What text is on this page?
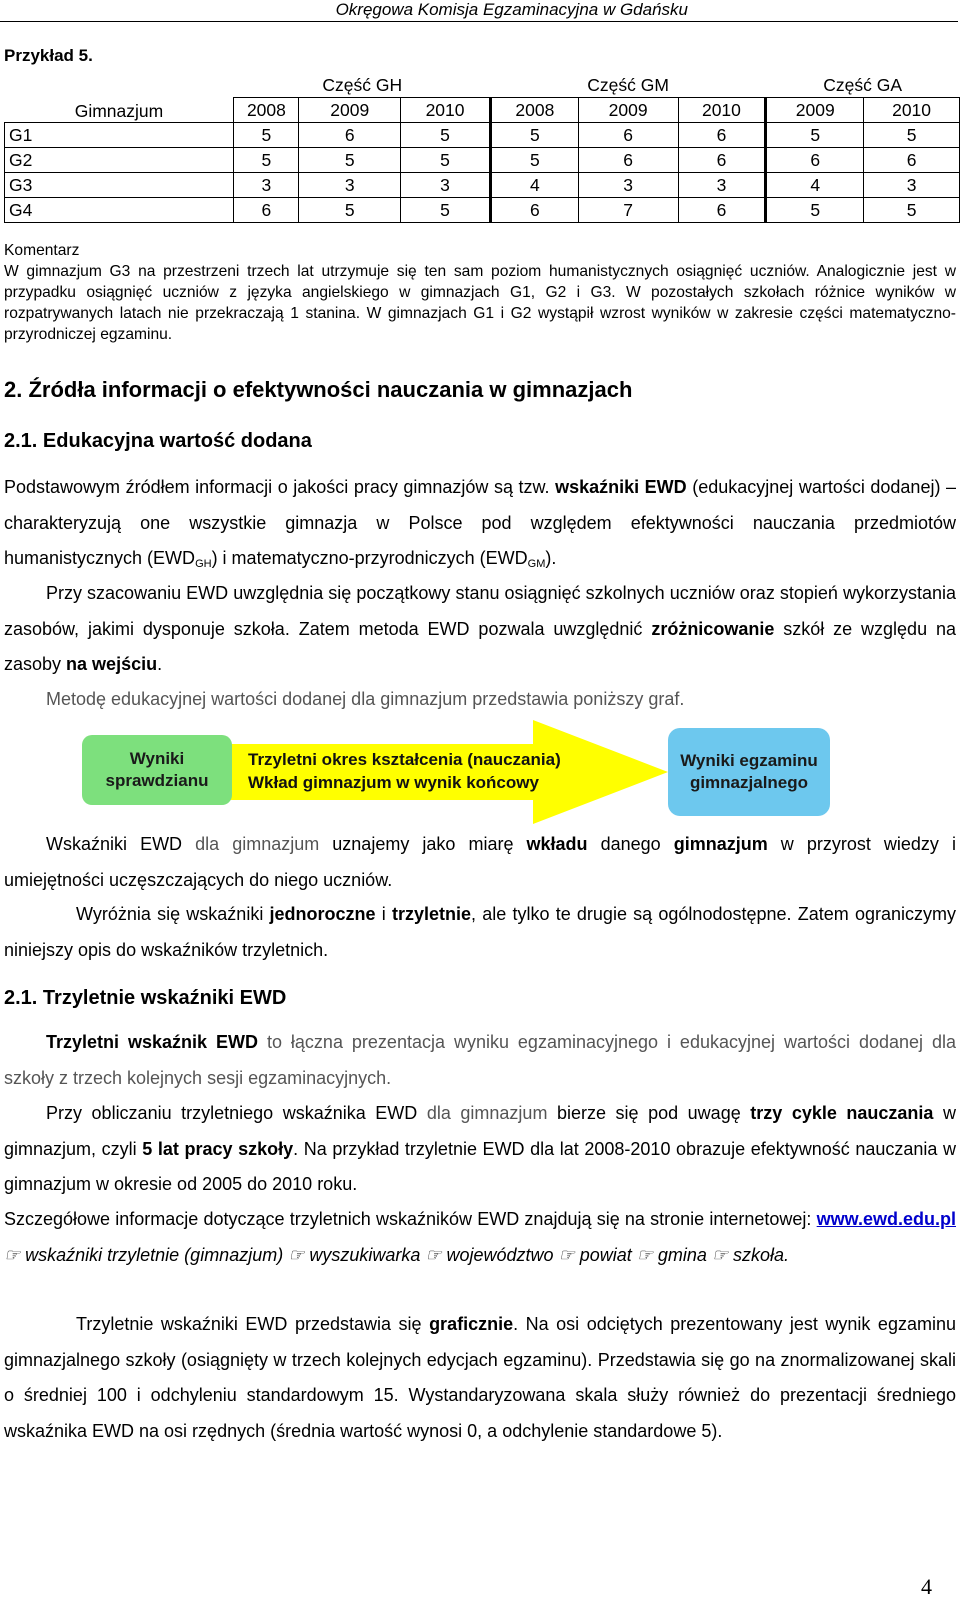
Okręgowa Komisja Egzaminacyjna w Gdańsku
Przykład 5.
Gimnazjum	Część GH			Część GM			Część GA	
	2008	2009	2010	2008	2009	2010	2009	2010
G1	5	6	5	5	6	6	5	5
G2	5	5	5	5	6	6	6	6
G3	3	3	3	4	3	3	4	3
G4	6	5	5	6	7	6	5	5
Komentarz
W gimnazjum G3 na przestrzeni trzech lat utrzymuje się ten sam poziom humanistycznych osiągnięć uczniów. Analogicznie jest w przypadku osiągnięć uczniów z języka angielskiego w gimnazjach G1, G2 i G3. W pozostałych szkołach różnice wyników w rozpatrywanych latach nie przekraczają 1 stanina. W gimnazjach G1 i G2 wystąpił wzrost wyników w zakresie części matematyczno-przyrodniczej egzaminu.
2. Źródła informacji o efektywności nauczania w gimnazjach
2.1. Edukacyjna wartość dodana
Podstawowym źródłem informacji o jakości pracy gimnazjów są tzw. wskaźniki EWD (edukacyjnej wartości dodanej) – charakteryzują one wszystkie gimnazja w Polsce pod względem efektywności nauczania przedmiotów humanistycznych $(EWD_{GH})$ i matematyczno-przyrodniczych $(EWD_{GM})$.
Przy szacowaniu EWD uwzględnia się początkowy stanu osiągnięć szkolnych uczniów oraz stopień wykorzystania zasobów, jakimi dysponuje szkoła. Zatem metoda EWD pozwala uwzględnić zróżnicowanie szkół ze względu na zasoby na wejściu.
Metodę edukacyjnej wartości dodanej dla gimnazjum przedstawia poniższy graf.
Wyniki sprawdzianu
Trzyletni okres kształcenia (nauczania)
Wkład gimnazjum w wynik końcowy
Wyniki egzaminu gimnazjalnego
Wskaźniki EWD dla gimnazjum uznajemy jako miarę wkładu danego gimnazjum w przyrost wiedzy i umiejętności uczęszczających do niego uczniów.
Wyróżnia się wskaźniki jednoroczne i trzyletnie, ale tylko te drugie są ogólnodostępne. Zatem ograniczymy niniejszy opis do wskaźników trzyletnich.
2.1. Trzyletnie wskaźniki EWD
Trzyletni wskaźnik EWD to łączna prezentacja wyniku egzaminacyjnego i edukacyjnej wartości dodanej dla szkoły z trzech kolejnych sesji egzaminacyjnych.
Przy obliczaniu trzyletniego wskaźnika EWD dla gimnazjum bierze się pod uwagę trzy cykle nauczania w gimnazjum, czyli 5 lat pracy szkoły. Na przykład trzyletnie EWD dla lat 2008-2010 obrazuje efektywność nauczania w gimnazjum w okresie od 2005 do 2010 roku.
Szczegółowe informacje dotyczące trzyletnich wskaźników EWD znajdują się na stronie internetowej: www.ewd.edu.pl ☞ wskaźniki trzyletnie (gimnazjum) ☞ wyszukiwarka ☞ województwo ☞ powiat ☞ gmina ☞ szkoła.
Trzyletnie wskaźniki EWD przedstawia się graficznie. Na osi odciętych prezentowany jest wynik egzaminu gimnazjalnego szkoły (osiągnięty w trzech kolejnych edycjach egzaminu). Przedstawia się go na znormalizowanej skali o średniej 100 i odchyleniu standardowym 15. Wystandaryzowana skala służy również do prezentacji średniego wskaźnika EWD na osi rzędnych (średnia wartość wynosi 0, a odchylenie standardowe 5).
4
